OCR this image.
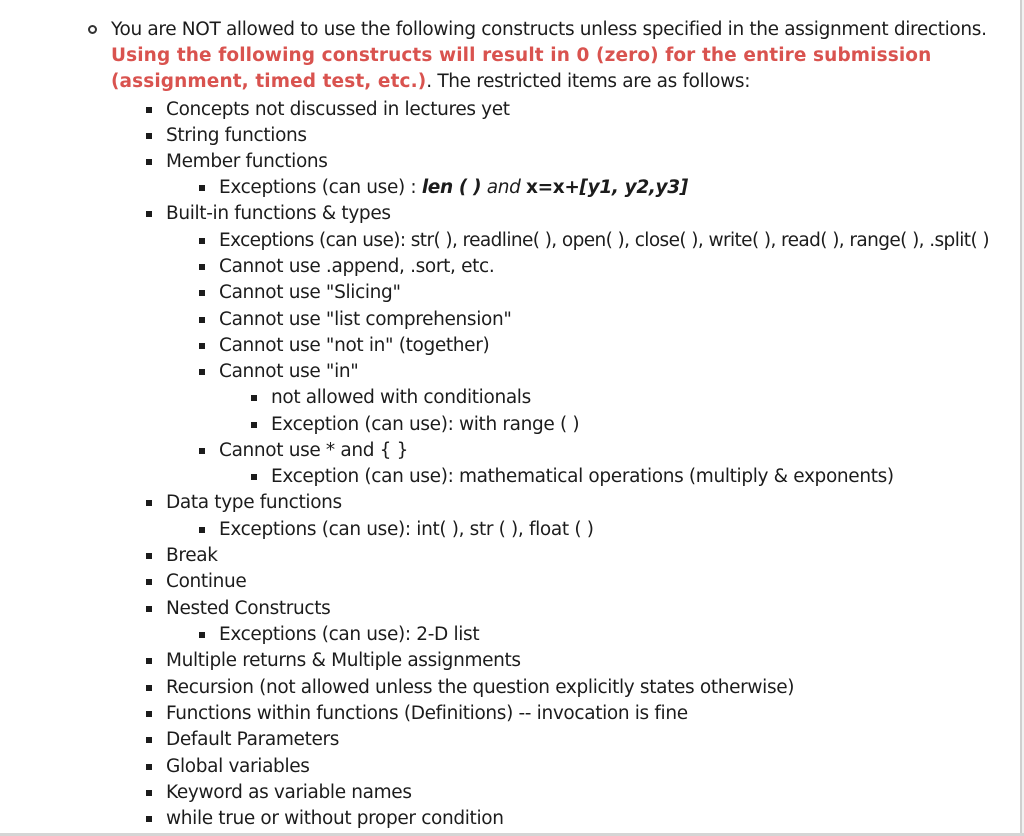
You are NOT allowed to use the following constructs unless specified in the assignment directions. Using the following constructs will result in 0 (zero) for the entire submission (assignment, timed test, etc.). The restricted items are as follows:
Concepts not discussed in lectures yet
String functions
Member functions
Exceptions (can use) : len ( ) and x=x+[y1, y2,y3]
Built-in functions & types
Exceptions (can use): str( ), readline( ), open( ), close( ), write( ), read( ), range( ), .split( )
Cannot use .append, .sort, etc.
Cannot use "Slicing"
Cannot use "list comprehension"
Cannot use "not in" (together)
Cannot use "in"
not allowed with conditionals
Exception (can use): with range ( )
Cannot use * and { }
Exception (can use): mathematical operations (multiply & exponents)
Data type functions
Exceptions (can use): int( ), str ( ), float ( )
Break
Continue
Nested Constructs
Exceptions (can use): 2-D list
Multiple returns & Multiple assignments
Recursion (not allowed unless the question explicitly states otherwise)
Functions within functions (Definitions) -- invocation is fine
Default Parameters
Global variables
Keyword as variable names
while true or without proper condition
